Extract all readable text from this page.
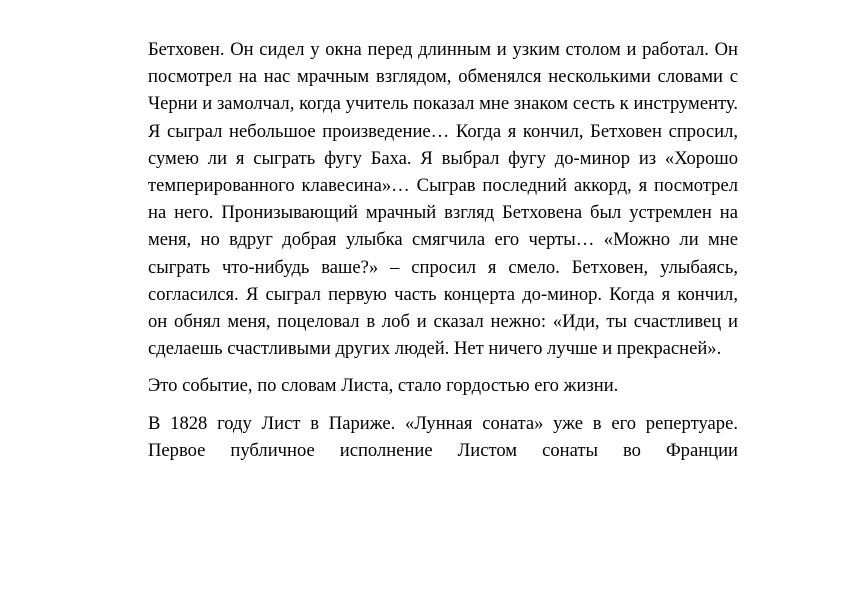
Бетховен. Он сидел у окна перед длинным и узким столом и работал. Он посмотрел на нас мрачным взглядом, обменялся несколькими словами с Черни и замолчал, когда учитель показал мне знаком сесть к инструменту. Я сыграл небольшое произведение… Когда я кончил, Бетховен спросил, сумею ли я сыграть фугу Баха. Я выбрал фугу до-минор из «Хорошо темперированного клавесина»… Сыграв последний аккорд, я посмотрел на него. Пронизывающий мрачный взгляд Бетховена был устремлен на меня, но вдруг добрая улыбка смягчила его черты… «Можно ли мне сыграть что-нибудь ваше?» – спросил я смело. Бетховен, улыбаясь, согласился. Я сыграл первую часть концерта до-минор. Когда я кончил, он обнял меня, поцеловал в лоб и сказал нежно: «Иди, ты счастливец и сделаешь счастливыми других людей. Нет ничего лучше и прекрасней».

Это событие, по словам Листа, стало гордостью его жизни.

В 1828 году Лист в Париже. «Лунная соната» уже в его репертуаре. Первое публичное исполнение Листом сонаты во Франции
